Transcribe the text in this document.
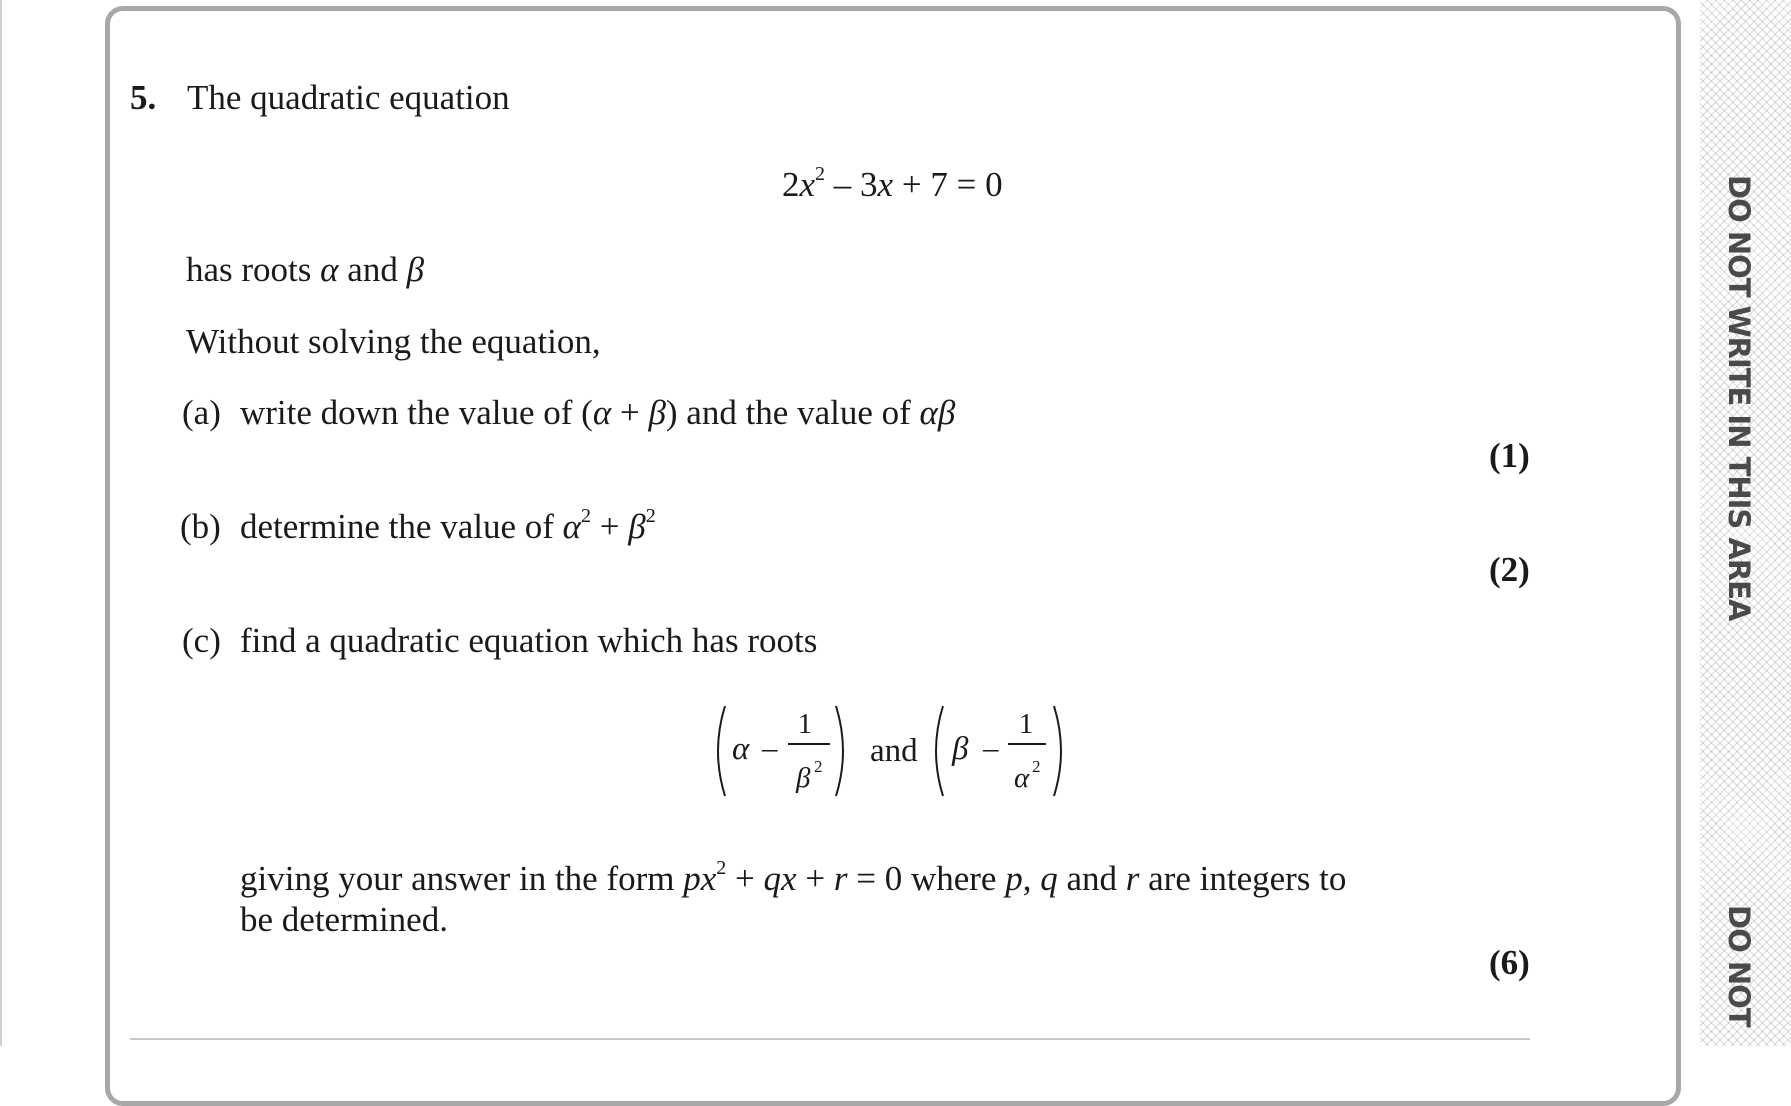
5. The quadratic equation
$2x^2 - 3x + 7 = 0$
has roots α and β
Without solving the equation,
(a) write down the value of (α + β) and the value of αβ
(1)
(b) determine the value of $\alpha^2 + \beta^2$
(2)
(c) find a quadratic equation which has roots
α –
1
β 2 and β –
1
α 2
giving your answer in the form $px^2$ + qx + r = 0 where p, q and r are integers to
be determined.
(6)
DO NOT WRITE IN THIS AREA
DO NOT
